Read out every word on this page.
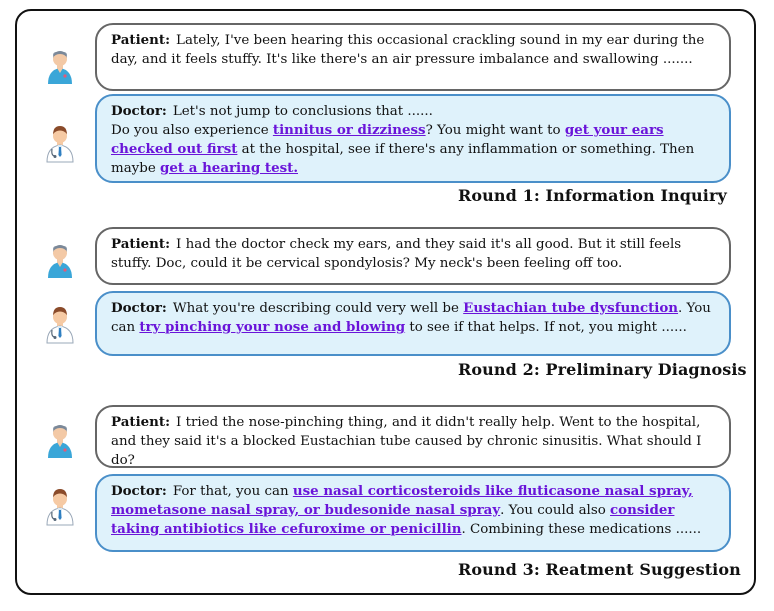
Patient: Lately, I've been hearing this occasional crackling sound in my ear during the day, and it feels stuffy. It's like there's an air pressure imbalance and swallowing .......
Doctor: Let's not jump to conclusions that ......
Do you also experience tinnitus or dizziness? You might want to get your ears checked out first at the hospital, see if there's any inflammation or something. Then maybe get a hearing test.
Round 1: Information Inquiry
Patient: I had the doctor check my ears, and they said it's all good. But it still feels stuffy. Doc, could it be cervical spondylosis? My neck's been feeling off too.
Doctor: What you're describing could very well be Eustachian tube dysfunction. You can try pinching your nose and blowing to see if that helps. If not, you might ......
Round 2: Preliminary Diagnosis
Patient: I tried the nose-pinching thing, and it didn't really help. Went to the hospital, and they said it's a blocked Eustachian tube caused by chronic sinusitis. What should I do?
Doctor: For that, you can use nasal corticosteroids like fluticasone nasal spray, mometasone nasal spray, or budesonide nasal spray. You could also consider taking antibiotics like cefuroxime or penicillin. Combining these medications ......
Round 3: Reatment Suggestion
